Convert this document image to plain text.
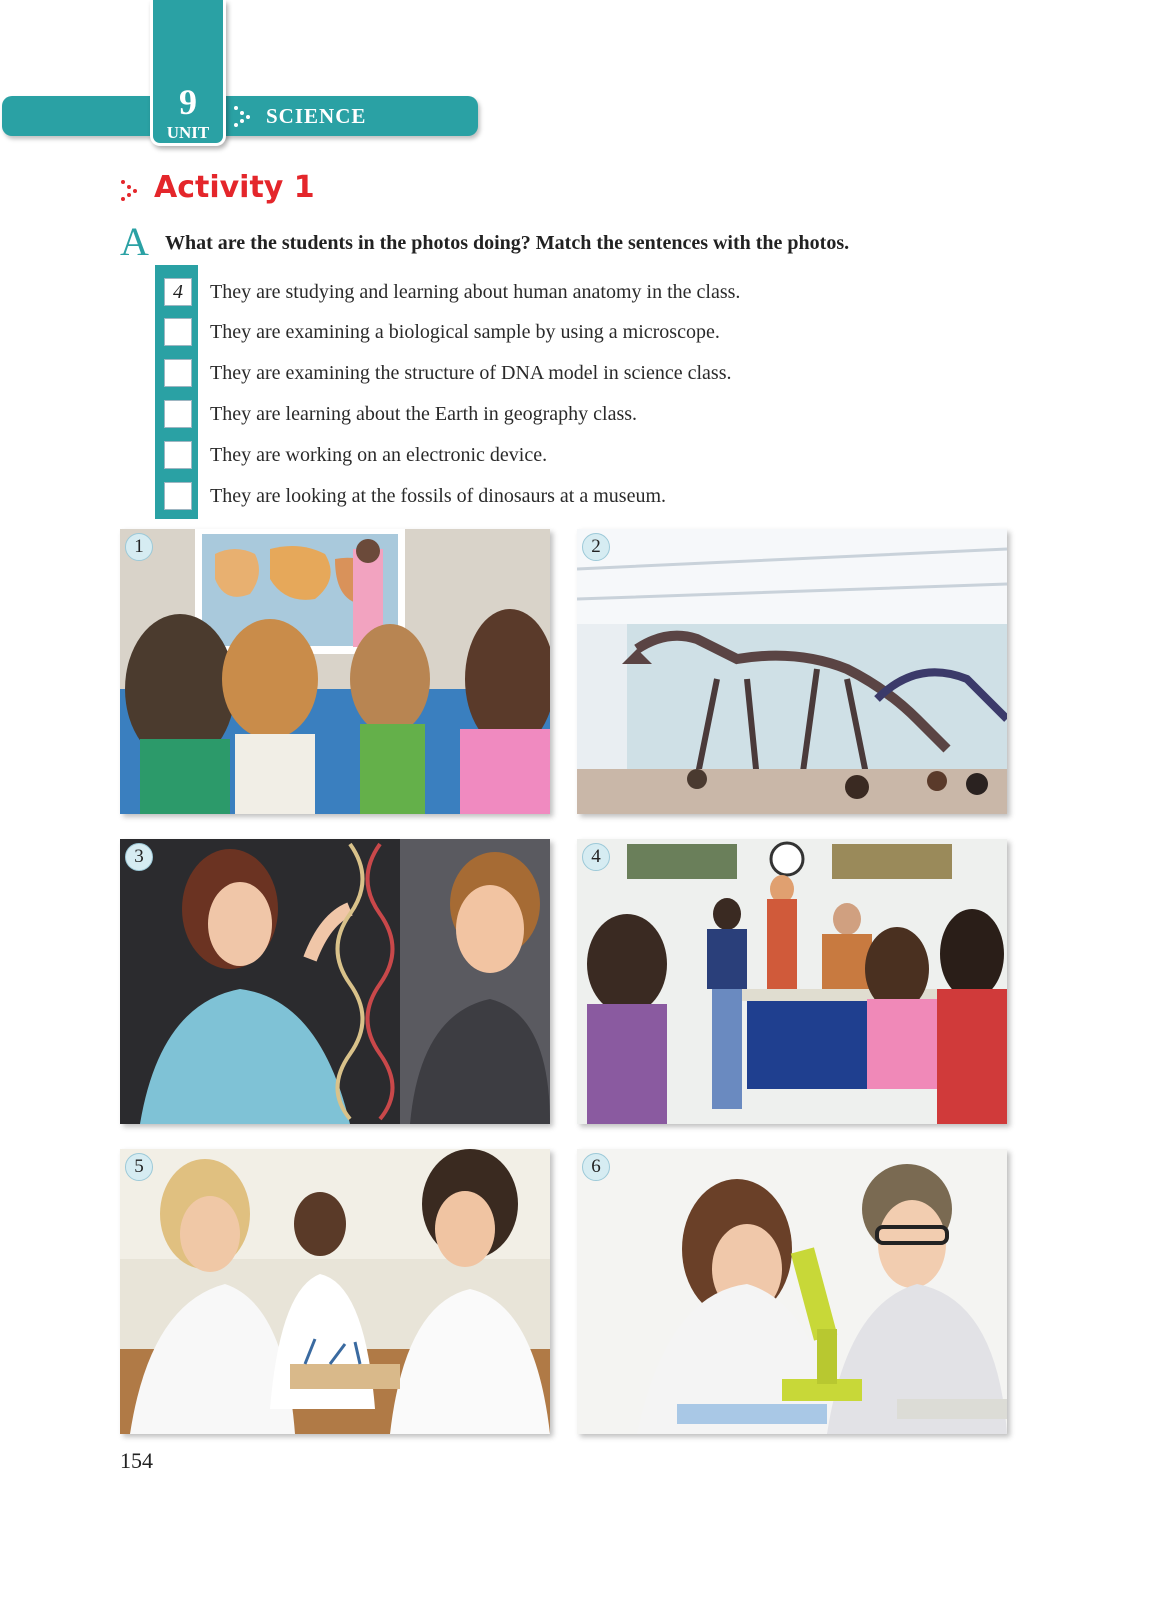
9
UNIT
SCIENCE
Activity 1
A What are the students in the photos doing? Match the sentences with the photos.
4	They are studying and learning about human anatomy in the class.
They are examining a biological sample by using a microscope.
They are examining the structure of DNA model in science class.
They are learning about the Earth in geography class.
They are working on an electronic device.
They are looking at the fossils of dinosaurs at a museum.
1	2
3	4
5	6
154
